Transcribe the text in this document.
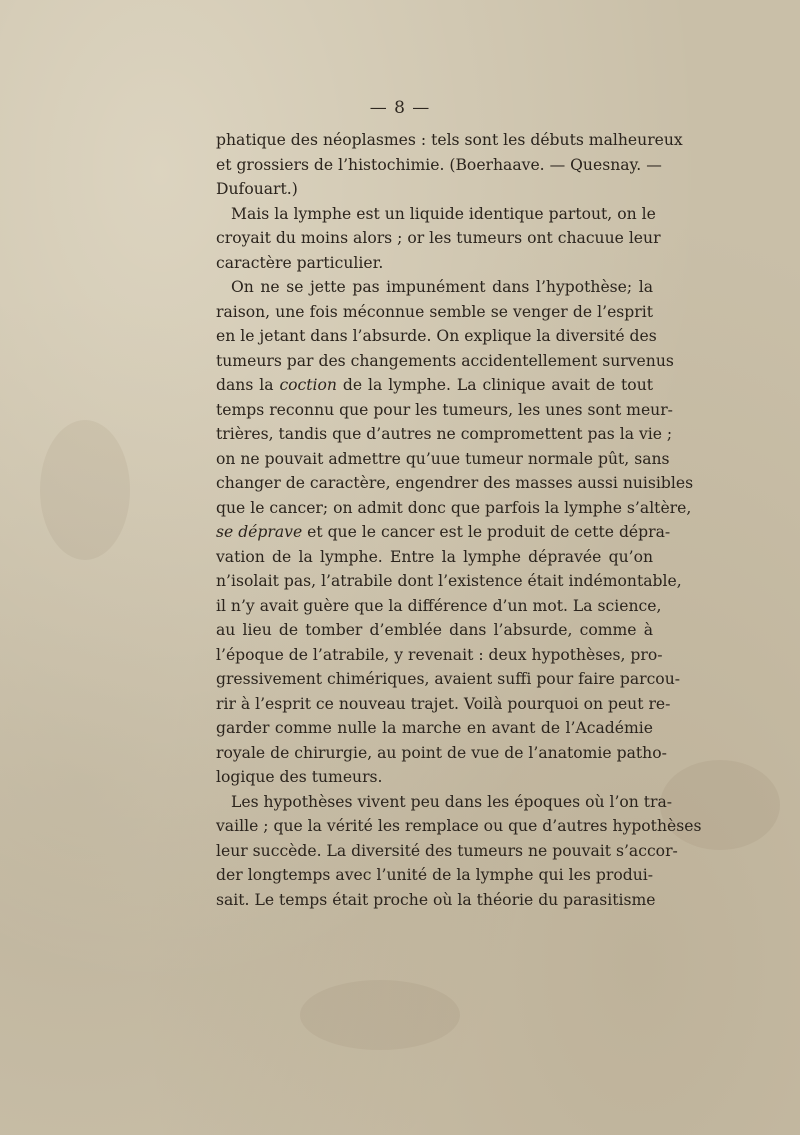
— 8 —
phatique des néoplasmes : tels sont les débuts malheureux
et grossiers de l’histochimie. (Boerhaave. — Quesnay. —
Dufouart.)
Mais la lymphe est un liquide identique partout, on le
croyait du moins alors ; or les tumeurs ont chacuue leur
caractère particulier.
On ne se jette pas impunément dans l’hypothèse; la
raison, une fois méconnue semble se venger de l’esprit
en le jetant dans l’absurde. On explique la diversité des
tumeurs par des changements accidentellement survenus
dans la coction de la lymphe. La clinique avait de tout
temps reconnu que pour les tumeurs, les unes sont meur-
trières, tandis que d’autres ne compromettent pas la vie ;
on ne pouvait admettre qu’uue tumeur normale pût, sans
changer de caractère, engendrer des masses aussi nuisibles
que le cancer; on admit donc que parfois la lymphe s’altère,
se déprave et que le cancer est le produit de cette dépra-
vation de la lymphe. Entre la lymphe dépravée qu’on
n’isolait pas, l’atrabile dont l’existence était indémontable,
il n’y avait guère que la différence d’un mot. La science,
au lieu de tomber d’emblée dans l’absurde, comme à
l’époque de l’atrabile, y revenait : deux hypothèses, pro-
gressivement chimériques, avaient suffi pour faire parcou-
rir à l’esprit ce nouveau trajet. Voilà pourquoi on peut re-
garder comme nulle la marche en avant de l’Académie
royale de chirurgie, au point de vue de l’anatomie patho-
logique des tumeurs.
Les hypothèses vivent peu dans les époques où l’on tra-
vaille ; que la vérité les remplace ou que d’autres hypothèses
leur succède. La diversité des tumeurs ne pouvait s’accor-
der longtemps avec l’unité de la lymphe qui les produi-
sait. Le temps était proche où la théorie du parasitisme
